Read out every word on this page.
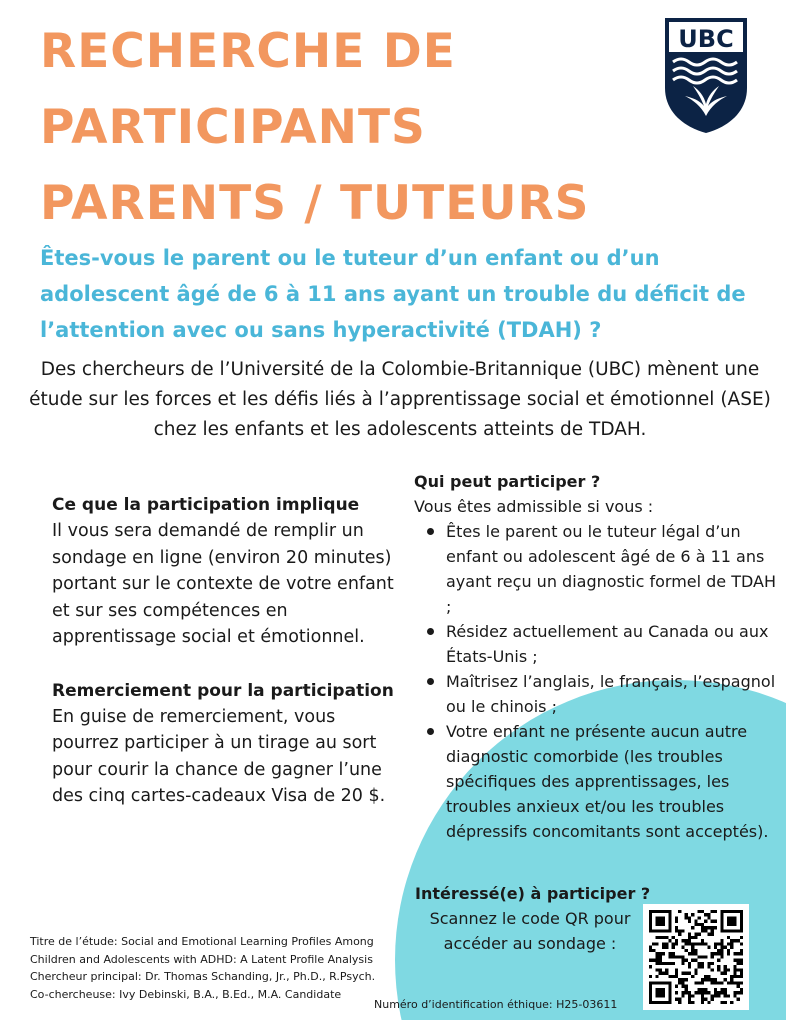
RECHERCHE DE
PARTICIPANTS
PARENTS / TUTEURS
UBC
Êtes-vous le parent ou le tuteur d’un enfant ou d’un adolescent âgé de 6 à 11 ans ayant un trouble du déficit de l’attention avec ou sans hyperactivité (TDAH) ?
Des chercheurs de l’Université de la Colombie-Britannique (UBC) mènent une étude sur les forces et les défis liés à l’apprentissage social et émotionnel (ASE) chez les enfants et les adolescents atteints de TDAH.
Ce que la participation implique
Il vous sera demandé de remplir un sondage en ligne (environ 20 minutes) portant sur le contexte de votre enfant et sur ses compétences en apprentissage social et émotionnel.
Remerciement pour la participation
En guise de remerciement, vous pourrez participer à un tirage au sort pour courir la chance de gagner l’une des cinq cartes-cadeaux Visa de 20 $.
Qui peut participer ?
Vous êtes admissible si vous :
Êtes le parent ou le tuteur légal d’un enfant ou adolescent âgé de 6 à 11 ans ayant reçu un diagnostic formel de TDAH ;
Résidez actuellement au Canada ou aux États-Unis ;
Maîtrisez l’anglais, le français, l’espagnol ou le chinois ;
Votre enfant ne présente aucun autre diagnostic comorbide (les troubles spécifiques des apprentissages, les troubles anxieux et/ou les troubles dépressifs concomitants sont acceptés).
Intéressé(e) à participer ?
Scannez le code QR pour accéder au sondage :
Titre de l’étude: Social and Emotional Learning Profiles Among Children and Adolescents with ADHD: A Latent Profile Analysis
Chercheur principal: Dr. Thomas Schanding, Jr., Ph.D., R.Psych.
Co-chercheuse: Ivy Debinski, B.A., B.Ed., M.A. Candidate
Numéro d’identification éthique: H25-03611
